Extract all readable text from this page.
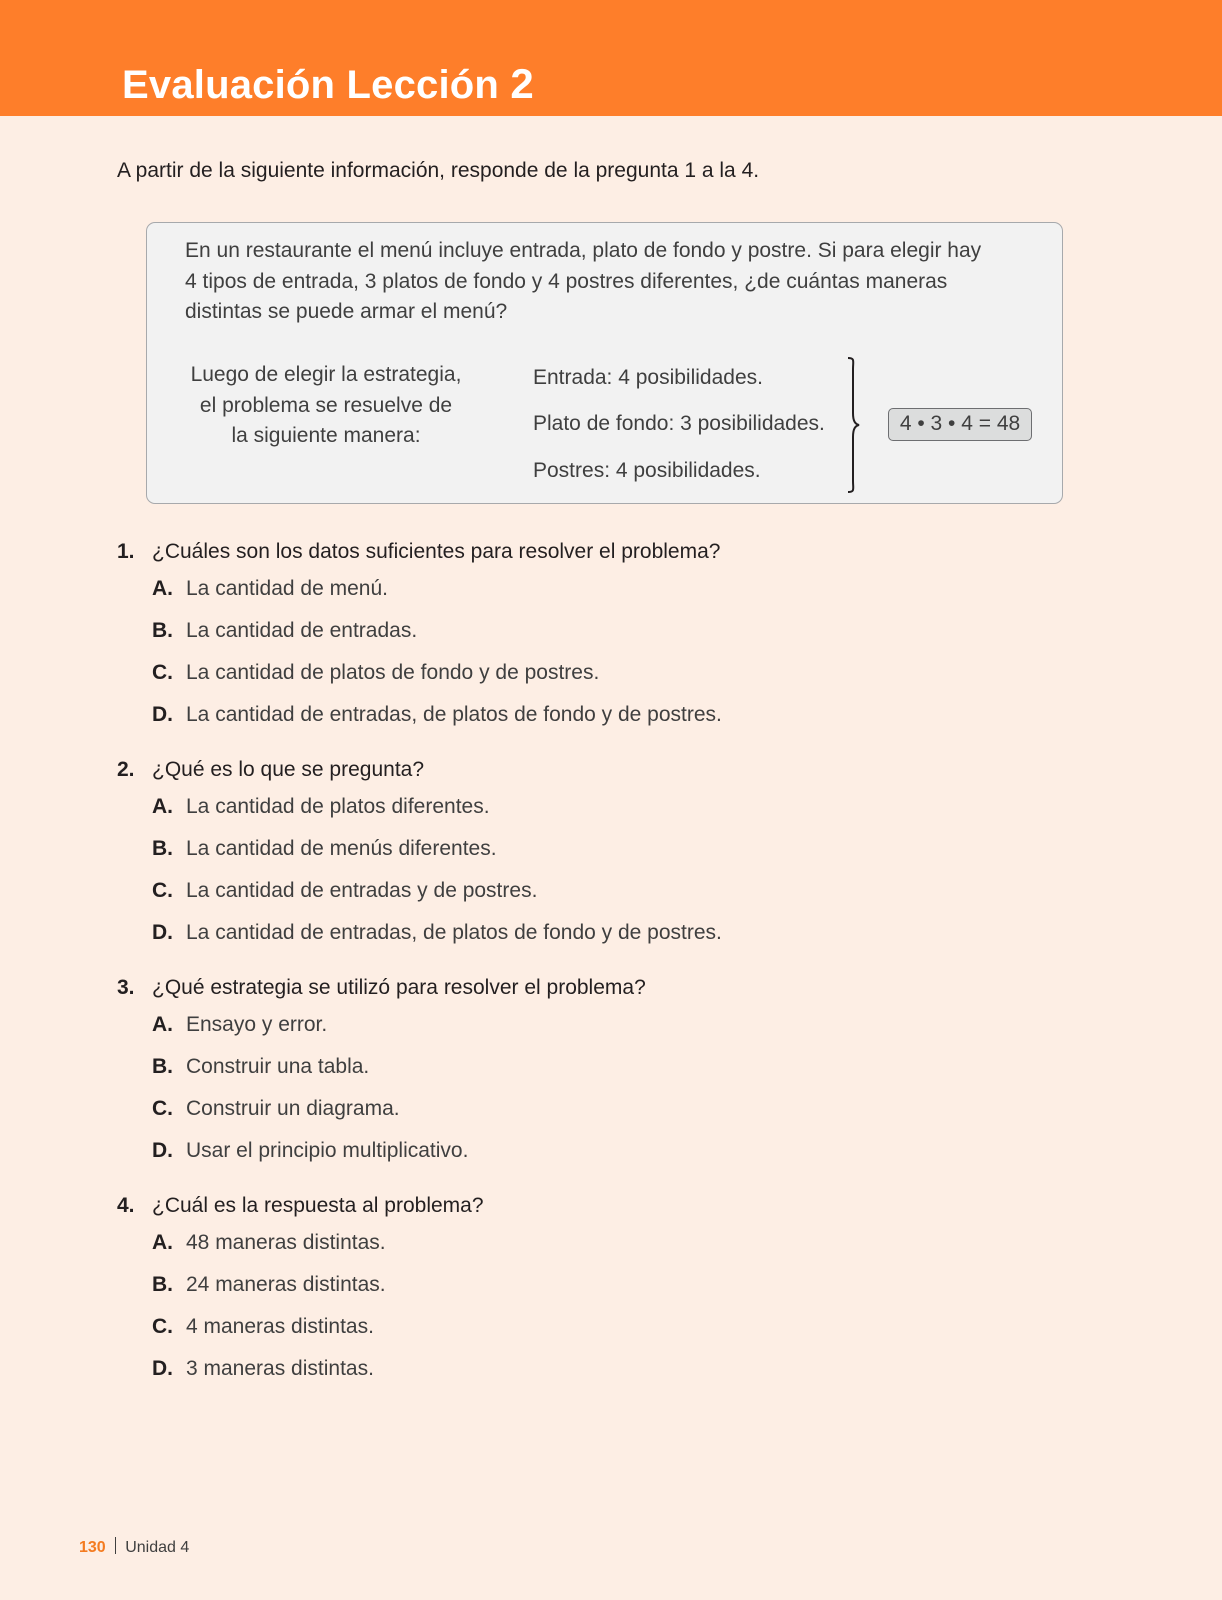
Evaluación Lección 2
A partir de la siguiente información, responde de la pregunta 1 a la 4.
En un restaurante el menú incluye entrada, plato de fondo y postre. Si para elegir hay
4 tipos de entrada, 3 platos de fondo y 4 postres diferentes, ¿de cuántas maneras
distintas se puede armar el menú?
Luego de elegir la estrategia,
el problema se resuelve de
la siguiente manera:
Entrada: 4 posibilidades.
Plato de fondo: 3 posibilidades.
Postres: 4 posibilidades.
4 • 3 • 4 = 48
1. ¿Cuáles son los datos suficientes para resolver el problema?
A. La cantidad de menú.
B. La cantidad de entradas.
C. La cantidad de platos de fondo y de postres.
D. La cantidad de entradas, de platos de fondo y de postres.
2. ¿Qué es lo que se pregunta?
A. La cantidad de platos diferentes.
B. La cantidad de menús diferentes.
C. La cantidad de entradas y de postres.
D. La cantidad de entradas, de platos de fondo y de postres.
3. ¿Qué estrategia se utilizó para resolver el problema?
A. Ensayo y error.
B. Construir una tabla.
C. Construir un diagrama.
D. Usar el principio multiplicativo.
4. ¿Cuál es la respuesta al problema?
A. 48 maneras distintas.
B. 24 maneras distintas.
C. 4 maneras distintas.
D. 3 maneras distintas.
130 Unidad 4
